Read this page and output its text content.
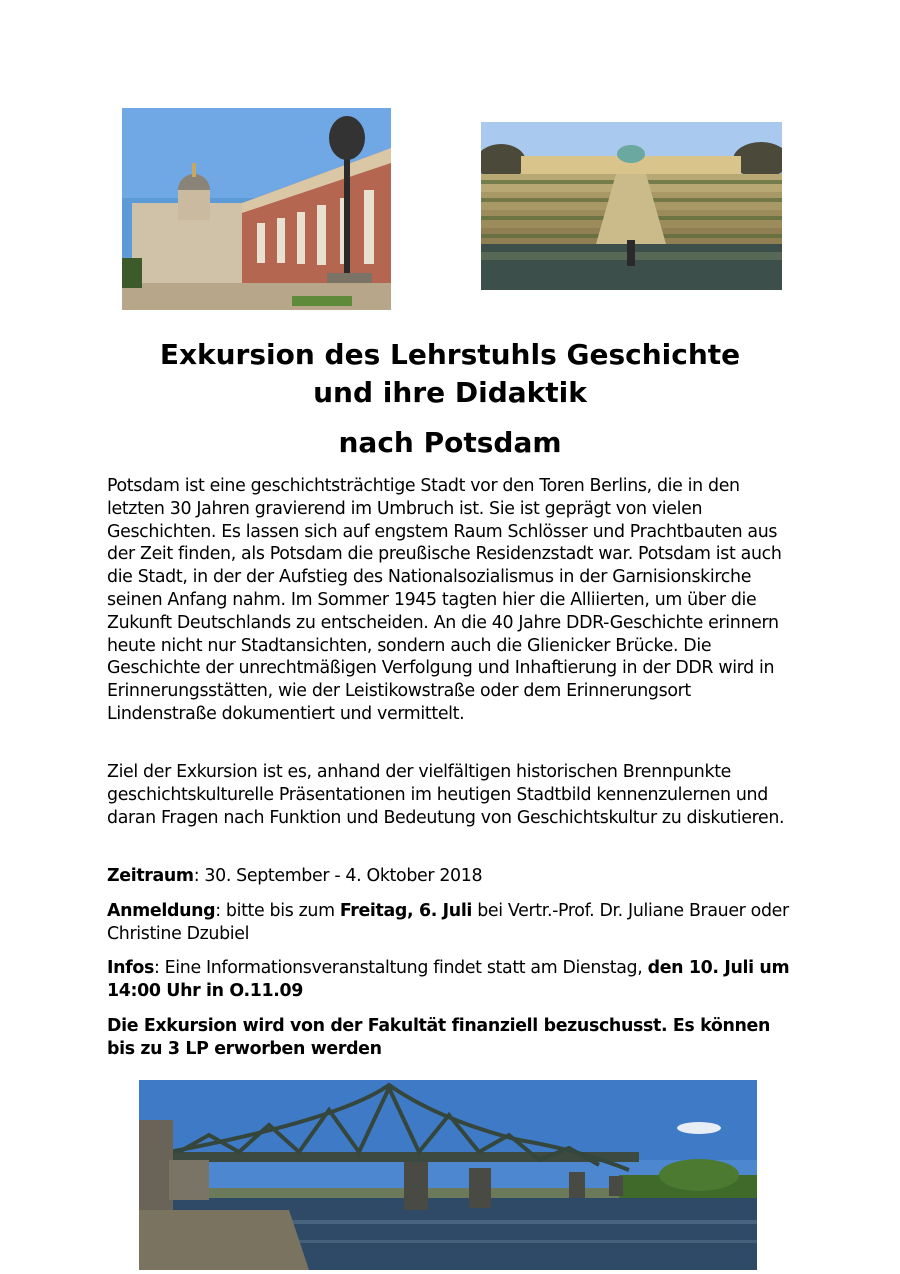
Exkursion des Lehrstuhls Geschichte
und ihre Didaktik
nach Potsdam

Potsdam ist eine geschichtsträchtige Stadt vor den Toren Berlins, die in den letzten 30 Jahren gravierend im Umbruch ist. Sie ist geprägt von vielen Geschichten. Es lassen sich auf engstem Raum Schlösser und Prachtbauten aus der Zeit finden, als Potsdam die preußische Residenzstadt war. Potsdam ist auch die Stadt, in der der Aufstieg des Nationalsozialismus in der Garnisionskirche seinen Anfang nahm. Im Sommer 1945 tagten hier die Alliierten, um über die Zukunft Deutschlands zu entscheiden. An die 40 Jahre DDR-Geschichte erinnern heute nicht nur Stadtansichten, sondern auch die Glienicker Brücke. Die Geschichte der unrechtmäßigen Verfolgung und Inhaftierung in der DDR wird in Erinnerungsstätten, wie der Leistikowstraße oder dem Erinnerungsort Lindenstraße dokumentiert und vermittelt.

Ziel der Exkursion ist es, anhand der vielfältigen historischen Brennpunkte geschichtskulturelle Präsentationen im heutigen Stadtbild kennenzulernen und daran Fragen nach Funktion und Bedeutung von Geschichtskultur zu diskutieren.

Zeitraum: 30. September - 4. Oktober 2018

Anmeldung: bitte bis zum Freitag, 6. Juli bei Vertr.-Prof. Dr. Juliane Brauer oder Christine Dzubiel

Infos: Eine Informationsveranstaltung findet statt am Dienstag, den 10. Juli um 14:00 Uhr in O.11.09

Die Exkursion wird von der Fakultät finanziell bezuschusst. Es können bis zu 3 LP erworben werden
